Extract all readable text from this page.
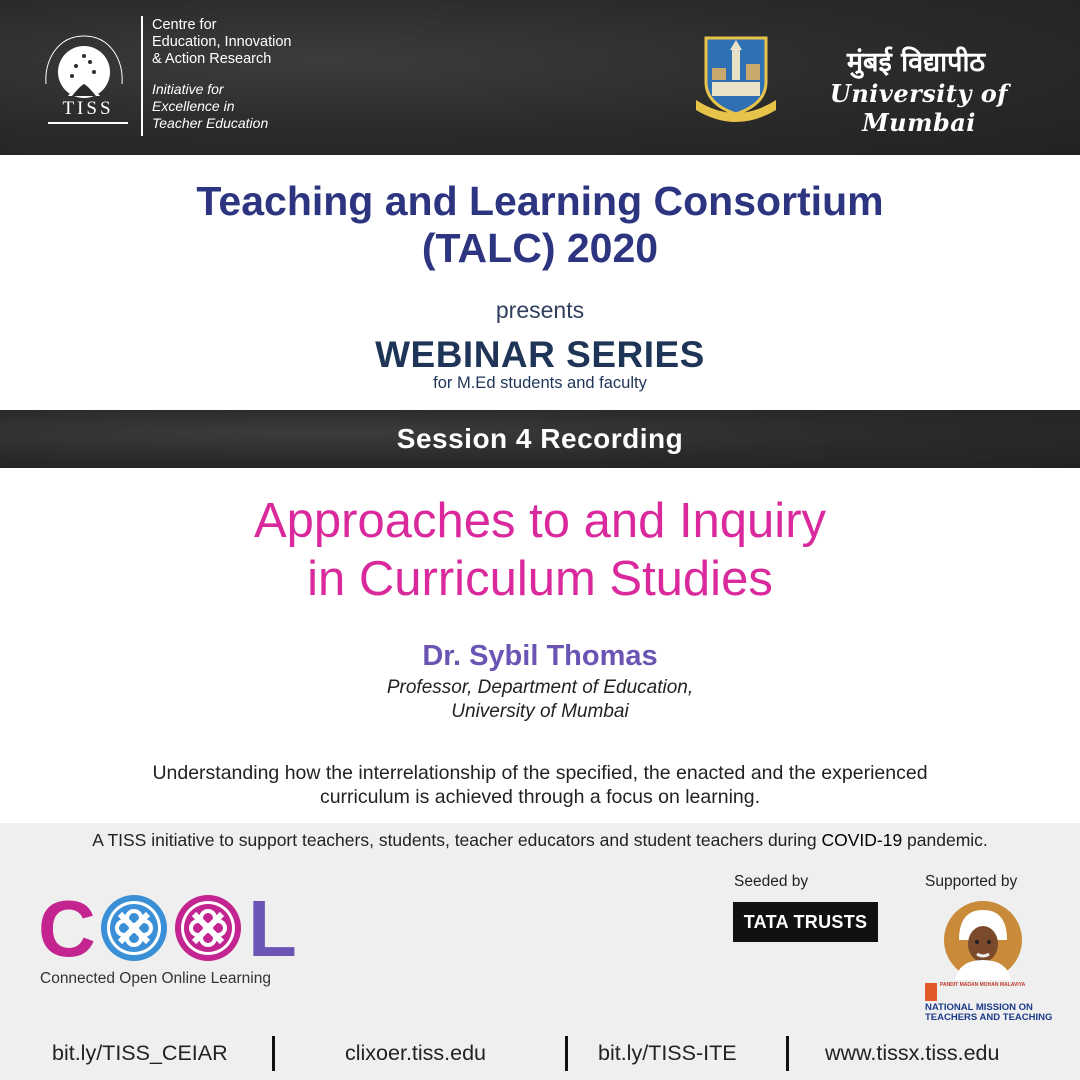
TISS
Centre for
Education, Innovation
& Action Research
Initiative for
Excellence in
Teacher Education
मुंबई विद्यापीठ
University of Mumbai
Teaching and Learning Consortium
(TALC) 2020
presents
WEBINAR SERIES
for M.Ed students and faculty
Session 4 Recording
Approaches to and Inquiry
in Curriculum Studies
Dr. Sybil Thomas
Professor, Department of Education,
University of Mumbai
Understanding how the interrelationship of the specified, the enacted and the experienced
curriculum is achieved through a focus on learning.
A TISS initiative to support teachers, students, teacher educators and student teachers during COVID-19 pandemic.
C L
Connected Open Online Learning
Seeded by
TATA TRUSTS
Supported by
PANDIT MADAN MOHAN MALAVIYA
NATIONAL MISSION ON
TEACHERS AND TEACHING
bit.ly/TISS_CEIAR	clixoer.tiss.edu	bit.ly/TISS-ITE	www.tissx.tiss.edu
